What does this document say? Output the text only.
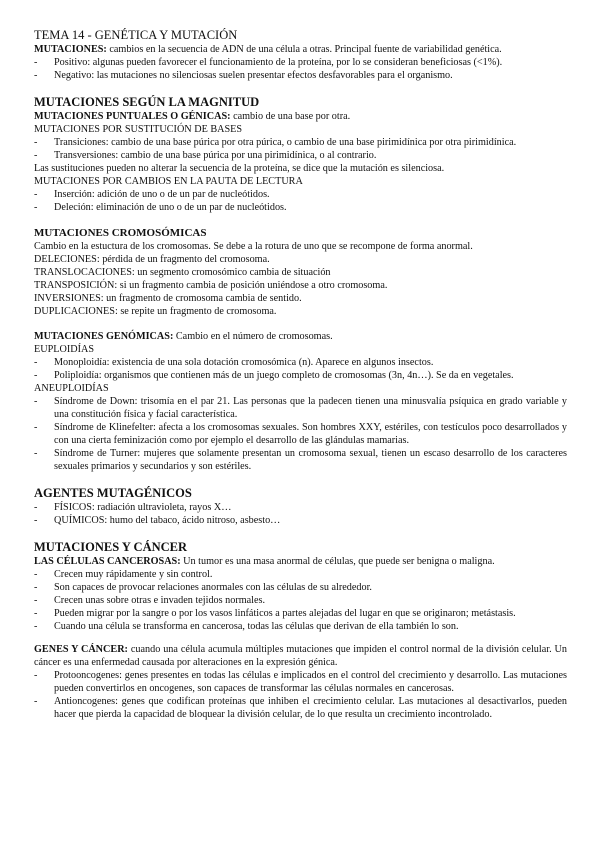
TEMA 14 - GENÉTICA Y MUTACIÓN

MUTACIONES: cambios en la secuencia de ADN de una célula a otras. Principal fuente de variabilidad genética.

- Positivo: algunas pueden favorecer el funcionamiento de la proteína, por lo se consideran beneficiosas (<1%).
- Negativo: las mutaciones no silenciosas suelen presentar efectos desfavorables para el organismo.
MUTACIONES SEGÚN LA MAGNITUD

MUTACIONES PUNTUALES O GÉNICAS: cambio de una base por otra.

MUTACIONES POR SUSTITUCIÓN DE BASES

- Transiciones: cambio de una base púrica por otra púrica, o cambio de una base pirimidínica por otra pirimidínica.
- Transversiones: cambio de una base púrica por una pirimidínica, o al contrario.

Las sustituciones pueden no alterar la secuencia de la proteína, se dice que la mutación es silenciosa.

MUTACIONES POR CAMBIOS EN LA PAUTA DE LECTURA

- Inserción: adición de uno o de un par de nucleótidos.
- Deleción: eliminación de uno o de un par de nucleótidos.
MUTACIONES CROMOSÓMICAS

Cambio en la estuctura de los cromosomas. Se debe a la rotura de uno que se recompone de forma anormal.

DELECIONES: pérdida de un fragmento del cromosoma.

TRANSLOCACIONES: un segmento cromosómico cambia de situación

TRANSPOSICIÓN: si un fragmento cambia de posición uniéndose a otro cromosoma.

INVERSIONES: un fragmento de cromosoma cambia de sentido.

DUPLICACIONES: se repite un fragmento de cromosoma.

MUTACIONES GENÓMICAS: Cambio en el número de cromosomas.

EUPLOIDÍAS

- Monoploidía: existencia de una sola dotación cromosómica (n). Aparece en algunos insectos.
- Poliploidía: organismos que contienen más de un juego completo de cromosomas (3n, 4n…). Se da en vegetales.

ANEUPLOIDÍAS

- Síndrome de Down: trisomía en el par 21. Las personas que la padecen tienen una minusvalía psíquica en grado variable y una constitución física y facial característica.
- Síndrome de Klinefelter: afecta a los cromosomas sexuales. Son hombres XXY, estériles, con testículos poco desarrollados y con una cierta feminización como por ejemplo el desarrollo de las glándulas mamarias.
- Síndrome de Turner: mujeres que solamente presentan un cromosoma sexual, tienen un escaso desarrollo de los caracteres sexuales primarios y secundarios y son estériles.
AGENTES MUTAGÉNICOS
- FÍSICOS: radiación ultravioleta, rayos X…
- QUÍMICOS: humo del tabaco, ácido nitroso, asbesto…
MUTACIONES Y CÁNCER

LAS CÉLULAS CANCEROSAS: Un tumor es una masa anormal de células, que puede ser benigna o maligna.

- Crecen muy rápidamente y sin control.
- Son capaces de provocar relaciones anormales con las células de su alrededor.
- Crecen unas sobre otras e invaden tejidos normales.
- Pueden migrar por la sangre o por los vasos linfáticos a partes alejadas del lugar en que se originaron; metástasis.
- Cuando una célula se transforma en cancerosa, todas las células que derivan de ella también lo son.

GENES Y CÁNCER: cuando una célula acumula múltiples mutaciones que impiden el control normal de la división celular. Un cáncer es una enfermedad causada por alteraciones en la expresión génica.

- Protooncogenes: genes presentes en todas las células e implicados en el control del crecimiento y desarrollo. Las mutaciones pueden convertirlos en oncogenes, son capaces de transformar las células normales en cancerosas.
- Antioncogenes: genes que codifican proteínas que inhiben el crecimiento celular. Las mutaciones al desactivarlos, pueden hacer que pierda la capacidad de bloquear la división celular, de lo que resulta un crecimiento incontrolado.
